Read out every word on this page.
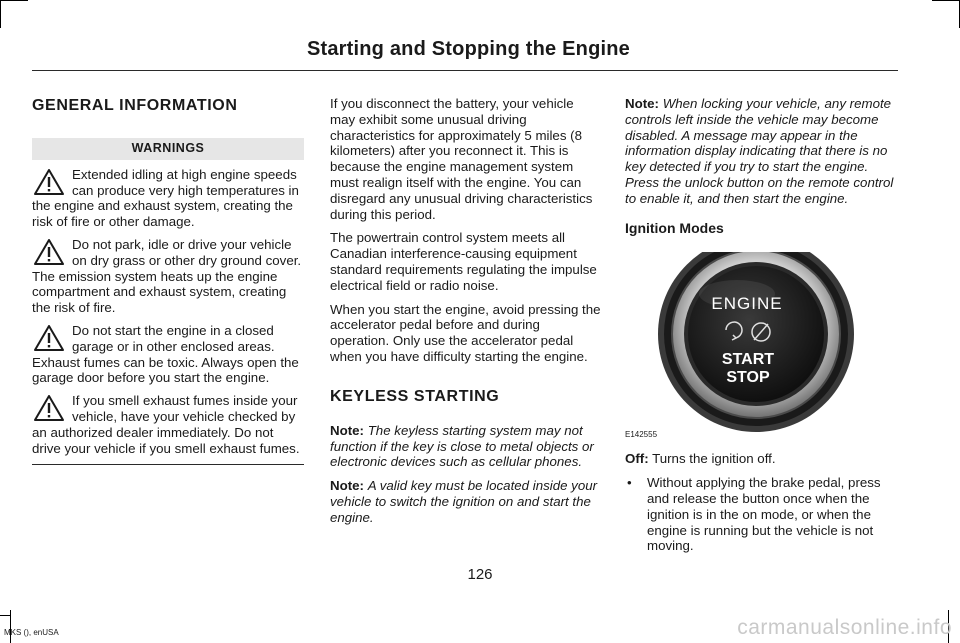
Starting and Stopping the Engine
GENERAL INFORMATION
WARNINGS

Extended idling at high engine speeds can produce very high temperatures in the engine and exhaust system, creating the risk of fire or other damage.

Do not park, idle or drive your vehicle on dry grass or other dry ground cover. The emission system heats up the engine compartment and exhaust system, creating the risk of fire.

Do not start the engine in a closed garage or in other enclosed areas. Exhaust fumes can be toxic. Always open the garage door before you start the engine.

If you smell exhaust fumes inside your vehicle, have your vehicle checked by an authorized dealer immediately. Do not drive your vehicle if you smell exhaust fumes.

If you disconnect the battery, your vehicle may exhibit some unusual driving characteristics for approximately 5 miles (8 kilometers) after you reconnect it. This is because the engine management system must realign itself with the engine. You can disregard any unusual driving characteristics during this period.

The powertrain control system meets all Canadian interference-causing equipment standard requirements regulating the impulse electrical field or radio noise.

When you start the engine, avoid pressing the accelerator pedal before and during operation. Only use the accelerator pedal when you have difficulty starting the engine.

KEYLESS STARTING

Note: The keyless starting system may not function if the key is close to metal objects or electronic devices such as cellular phones.

Note: A valid key must be located inside your vehicle to switch the ignition on and start the engine.

Note: When locking your vehicle, any remote controls left inside the vehicle may become disabled. A message may appear in the information display indicating that there is no key detected if you try to start the engine. Press the unlock button on the remote control to enable it, and then start the engine.

Ignition Modes
ENGINE
START
STOP
E142555

Off: Turns the ignition off.

• Without applying the brake pedal, press and release the button once when the ignition is in the on mode, or when the engine is running but the vehicle is not moving.
126
MKS (), enUSA	carmanualsonline.info
